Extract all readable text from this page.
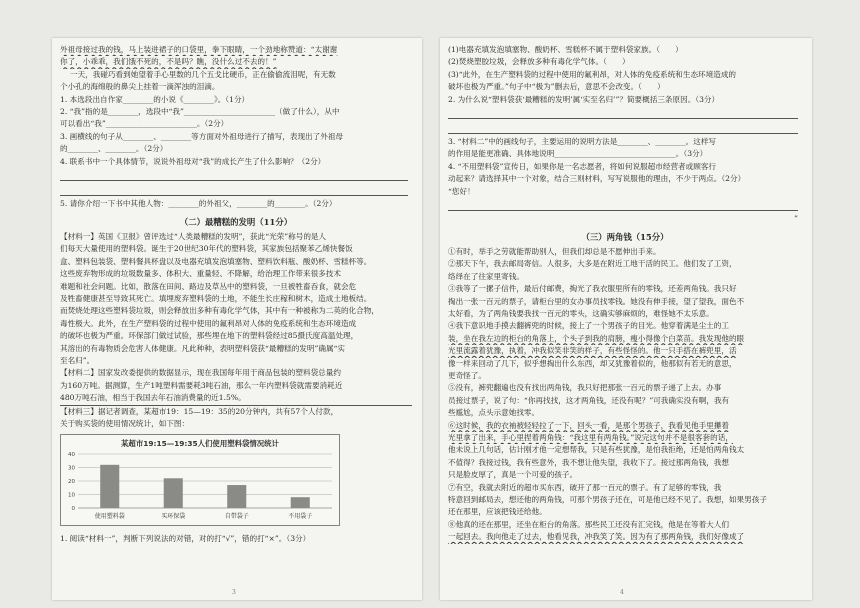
外祖母接过我的钱，马上装进裙子的口袋里，拳下眼睛，一个劲地称赞道：“太谢谢

你了，小乖乖，我们饿不死的，不是吗？瞧，没什么过不去的！”

一天，我碰巧看到她望着手心里数的几个五戈比硬币，正在偷偷流泪呢，有无数

个小孔的海绵般的鼻尖上挂着一滴浑浊的泪滴。

1. 本选段出自作家________的小说《________》。（1分）

2. “我”指的是________，选段中“我”________________________（做了什么），从中

可以看出“我”________________________。（2分）

3. 画横线的句子从________、________等方面对外祖母进行了描写，表现出了外祖母

的________、________。（2分）

4. 联系书中一个具体情节，说说外祖母对“我”的成长产生了什么影响？（2分）

5. 请你介绍一下书中其他人物：________的外祖父，________的________。（2分）

（二）最糟糕的发明（11分）

【材料一】英国《卫报》曾评选过“人类最糟糕的发明”，获此“光荣”称号的是人

们每天大量使用的塑料袋。诞生于20世纪30年代的塑料袋，其家族包括聚苯乙烯快餐饭

盒、塑料包装袋、塑料餐具杯盘以及电器充填发泡填塞物、塑料饮料瓶、酸奶杯、雪糕杯等。

这些废弃物形成的垃圾数量多、体积大、重量轻、不降解，给治理工作带来很多技术

难题和社会问题。比如，散落在田间、路边及草丛中的塑料袋，一旦被牲畜吞食，就会危

及牲畜健康甚至导致其死亡。填埋废弃塑料袋的土地，不能生长庄稼和树木，造成土地板结。

而焚烧处理这些塑料袋垃圾，则会释放出多种有毒化学气体，其中有一种被称为二英的化合物，

毒性极大。此外，在生产塑料袋的过程中使用的氟利昂对人体的免疫系统和生态环境造成

的破坏也极为严重。环保部门做过试验，那些埋在地下的塑料袋经过85摄氏度高温处理，

其溶出的有毒物质会危害人体健康。凡此种种，表明塑料袋获“最糟糕的发明”确属“实

至名归”。

【材料二】国家发改委提供的数据显示，现在我国每年用于商品包装的塑料袋总量约

为160万吨。据测算，生产1吨塑料需要耗3吨石油，那么一年内塑料袋就需要消耗近

480万吨石油，相当于我国去年石油消费量的近1.5%。

【材料三】据记者调查，某超市19：15—19：35的20分钟内，共有57个人付款，

关于购买袋的使用情况统计，如下图：

某超市19:15—19:35人们使用塑料袋情况统计
使用塑料袋	买环保袋	自带袋子	不用袋子
0
10
20
30
40

1. 阅读“材料一”，判断下列说法的对错，对的打“√”，错的打“×”。（3分）

3

(1)电器充填发泡填塞物、酸奶杯、雪糕杯不属于塑料袋家族。（　　）

(2)焚烧塑胶垃圾，会释放多种有毒化学气体。（　　）

(3)“此外，在生产塑料袋的过程中使用的氟利昂，对人体的免疫系统和生态环境造成的

破坏也极为严重。”句子中“极为”删去后，意思不会改变。（　　）

2. 为什么说“塑料袋获‘最糟糕的发明’属‘实至名归’”？简要概括三条原因。（3分）

3. “材料二”中的画线句子，主要运用的说明方法是________、________。这样写

的作用是能更准确、具体地说明________________________________。（3分）

4. “不用塑料袋”宣传日，如果你是一名志愿者，将如何说服超市经营者或顾客行

动起来？请选择其中一个对象，结合三则材料，写写说服他的理由，不少于两点。（2分）

“您好！

”

（三）两角钱（15分）

①有时，举手之劳就能帮助别人，但我们却总是不愿伸出手来。

②那天下午，我去邮局寄信。人很多，大多是在附近工地干活的民工。他们发了工资，

络绎在了往家里寄钱。

③我等了一摞子信件，最后付邮费，掏光了我衣服里所有的零钱，还差两角钱。我只好

掏出一张一百元的票子，请柜台里的女办事员找零钱。她没有伸手接，望了望我，面色不

太好看，为了两角钱要我找一百元的零头，这确实够麻烦的，难怪她不太乐意。

④我下意识地手摸去翻裤兜的时候，接上了一个男孩子的目光。他穿着满是尘土的工

装，坐在我左边的柜台的角落上，个头子到我的肩膀，瘦小得像个白菜苗。我发现他的眼

光里流露着犹豫，执着，冲我似笑非笑的样子，有些怪怪的。他一只手搭在裤兜里，活

像一样来回动了几下，似乎想掏出什么东西，却又犹豫着似的，他那似有若无的意思，

更奇怪了。

⑤没有，裤兜翻遍也没有找出两角钱，我只好把那张一百元的票子递了上去。办事

员接过票子，说了句：“你再找找，这才两角钱，还没有呢？”可我确实没有啊，我有

些尴尬，点头示意她找零。

⑥这时候，我的衣袖被轻轻拉了一下，回头一看，是那个男孩子，我看见他手里攥着

光里拿了出来，手心里捏着两角钱：“我这里有两角钱。”说完这句并不是很客套的话，

他未说上几句话，估计刚才他一定想帮我，只是有些犹豫，是怕我拒绝，还是怕两角钱太

不值得？我接过钱，我有些意外，我不想让他失望，我收下了。接过那两角钱，我想

只是脸皮厚了，真是一个可爱的孩子。

⑦有空，我就去附近的超市买东西，破开了那一百元的票子。有了足够的零钱，我

特意回到邮局去，想还他的两角钱，可那个男孩子还在，可是他已经不见了。我想，如果男孩子

还在那里，应该把钱还给他。

⑧他真的还在那里，还坐在柜台的角落。那些民工还没有汇完钱，他是在等着大人们

一起回去。我向他走了过去，他看见我，冲我笑了笑。因为有了那两角钱，我们好像成了

4
